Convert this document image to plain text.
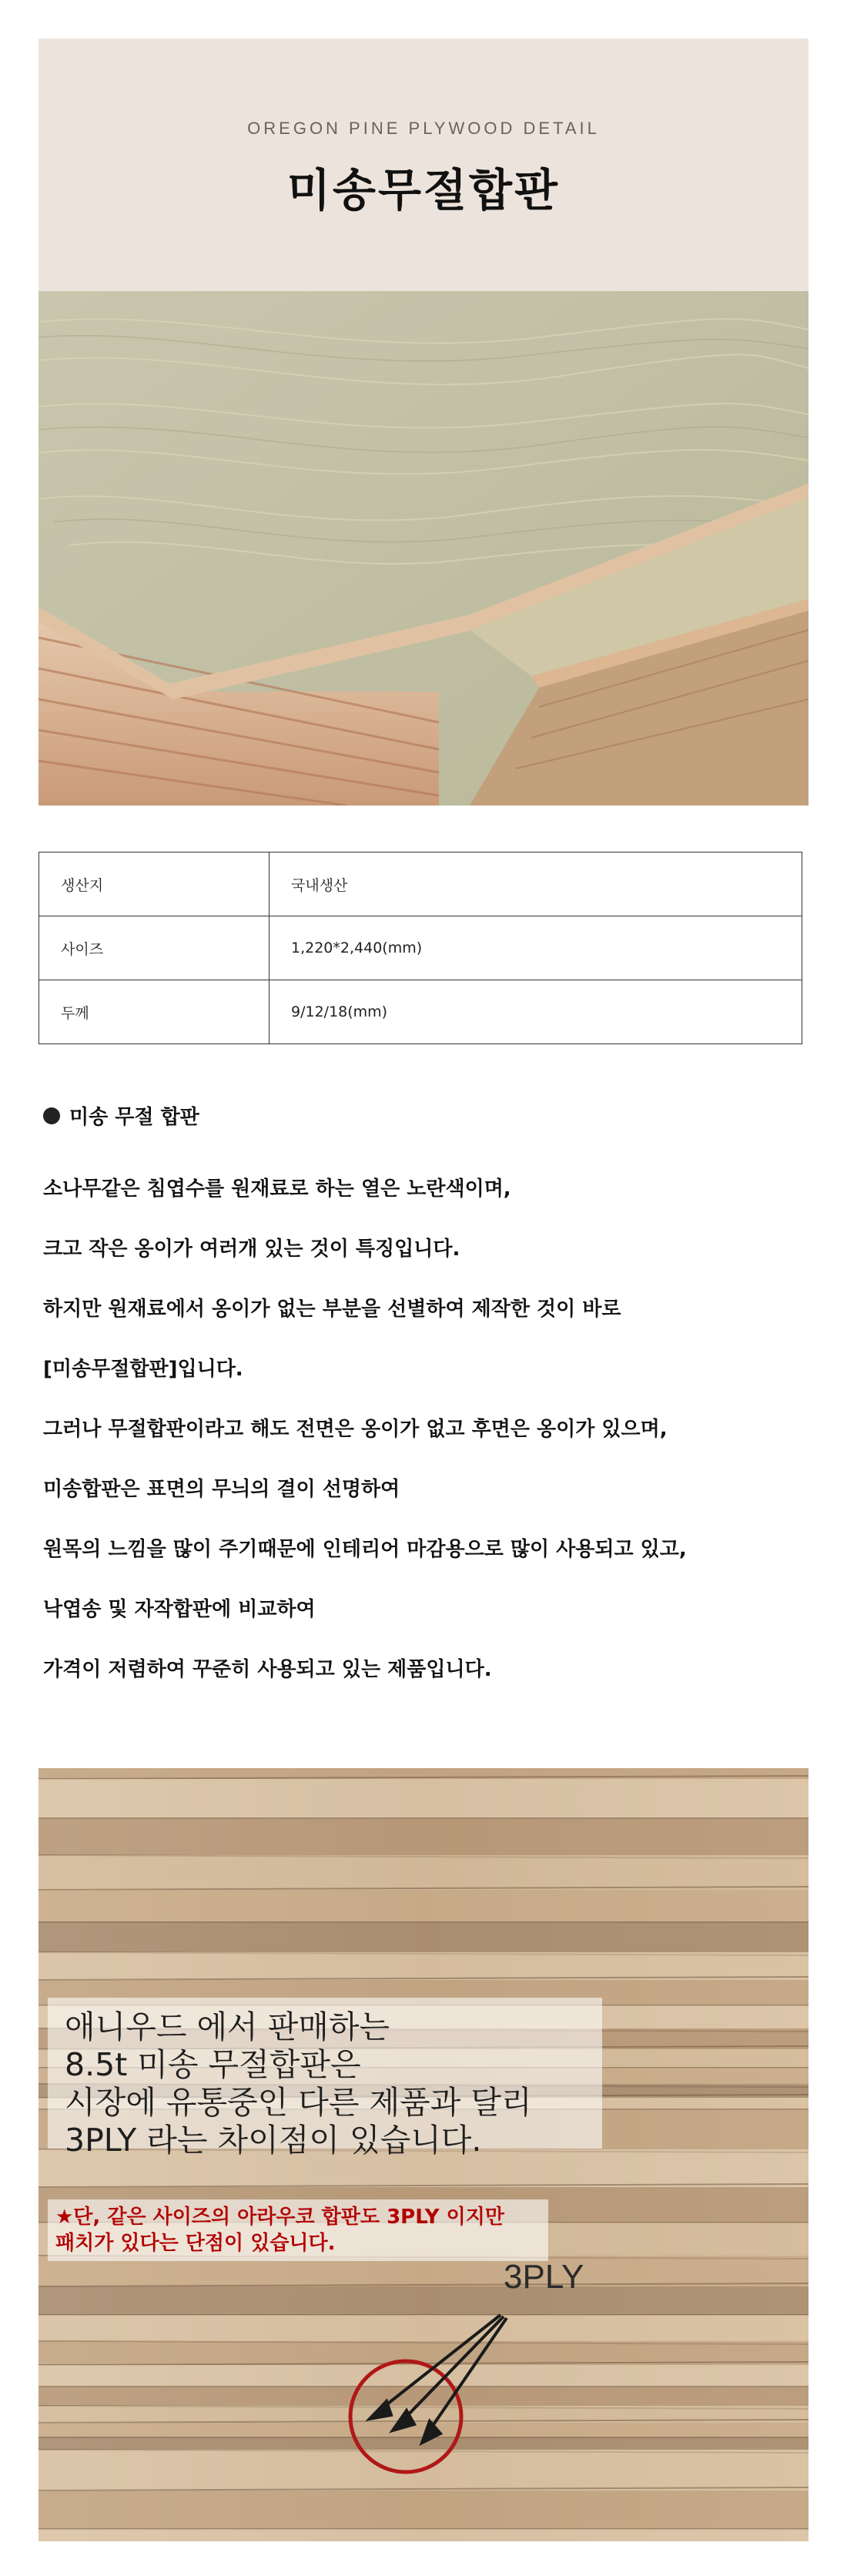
OREGON PINE PLYWOOD DETAIL
미송무절합판
생산지	국내생산
사이즈	1,220*2,440(mm)
두께	9/12/18(mm)
미송 무절 합판

소나무같은 침엽수를 원재료로 하는 열은 노란색이며,

크고 작은 옹이가 여러개 있는 것이 특징입니다.

하지만 원재료에서 옹이가 없는 부분을 선별하여 제작한 것이 바로

[미송무절합판]입니다.

그러나 무절합판이라고 해도 전면은 옹이가 없고 후면은 옹이가 있으며,

미송합판은 표면의 무늬의 결이 선명하여

원목의 느낌을 많이 주기때문에 인테리어 마감용으로 많이 사용되고 있고,

낙엽송 및 자작합판에 비교하여

가격이 저렴하여 꾸준히 사용되고 있는 제품입니다.

애니우드 에서 판매하는
8.5t 미송 무절합판은
시장에 유통중인 다른 제품과 달리
3PLY 라는 차이점이 있습니다.
★단, 같은 사이즈의 아라우코 합판도 3PLY 이지만
패치가 있다는 단점이 있습니다.
3PLY
